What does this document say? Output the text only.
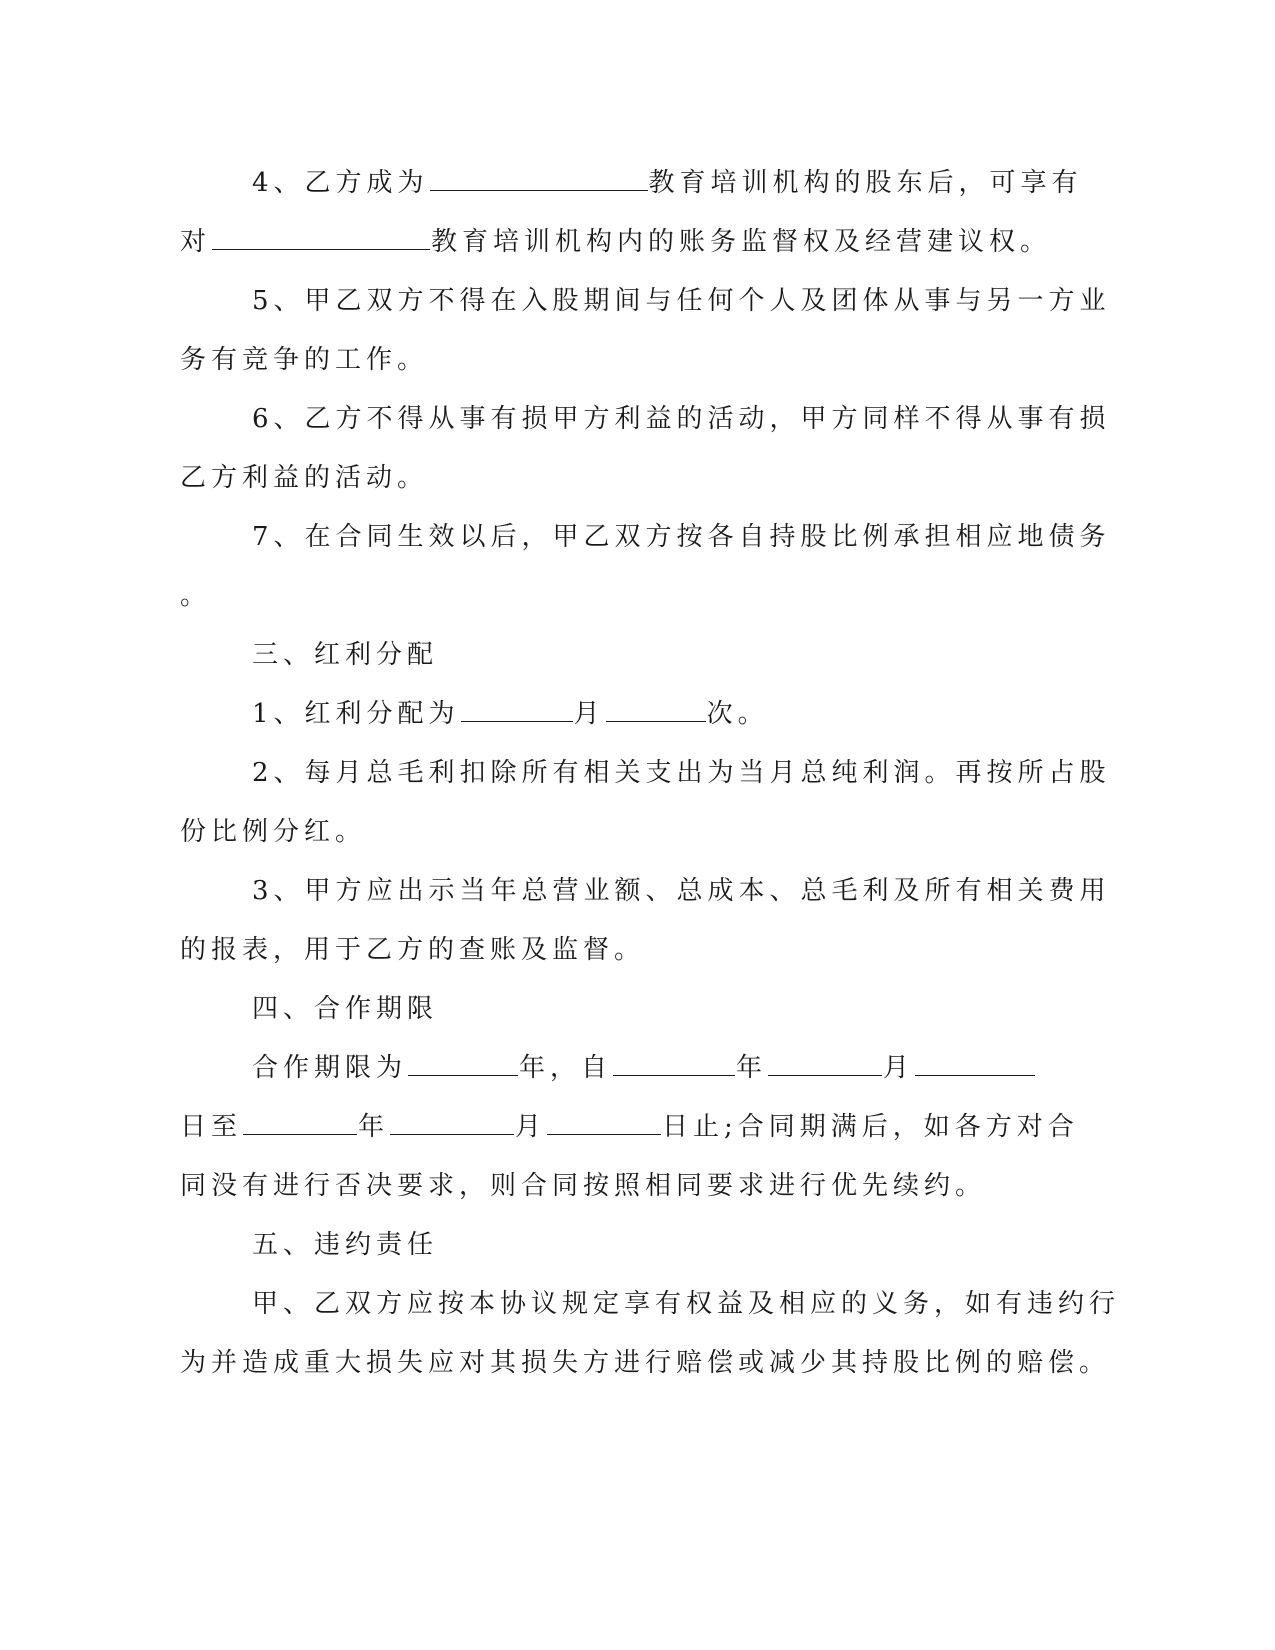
4、乙方成为	教育培训机构的股东后，可享有
对	教育培训机构内的账务监督权及经营建议权。
5、甲乙双方不得在入股期间与任何个人及团体从事与另一方业
务有竞争的工作。
6、乙方不得从事有损甲方利益的活动，甲方同样不得从事有损
乙方利益的活动。
7、在合同生效以后，甲乙双方按各自持股比例承担相应地债务
。
三、红利分配
1、红利分配为	月	次。
2、每月总毛利扣除所有相关支出为当月总纯利润。再按所占股
份比例分红。
3、甲方应出示当年总营业额、总成本、总毛利及所有相关费用
的报表，用于乙方的查账及监督。
四、合作期限
合作期限为	年，自	年	月
日至	年	月	日止;合同期满后，如各方对合
同没有进行否决要求，则合同按照相同要求进行优先续约。
五、违约责任
甲、乙双方应按本协议规定享有权益及相应的义务，如有违约行
为并造成重大损失应对其损失方进行赔偿或减少其持股比例的赔偿。
